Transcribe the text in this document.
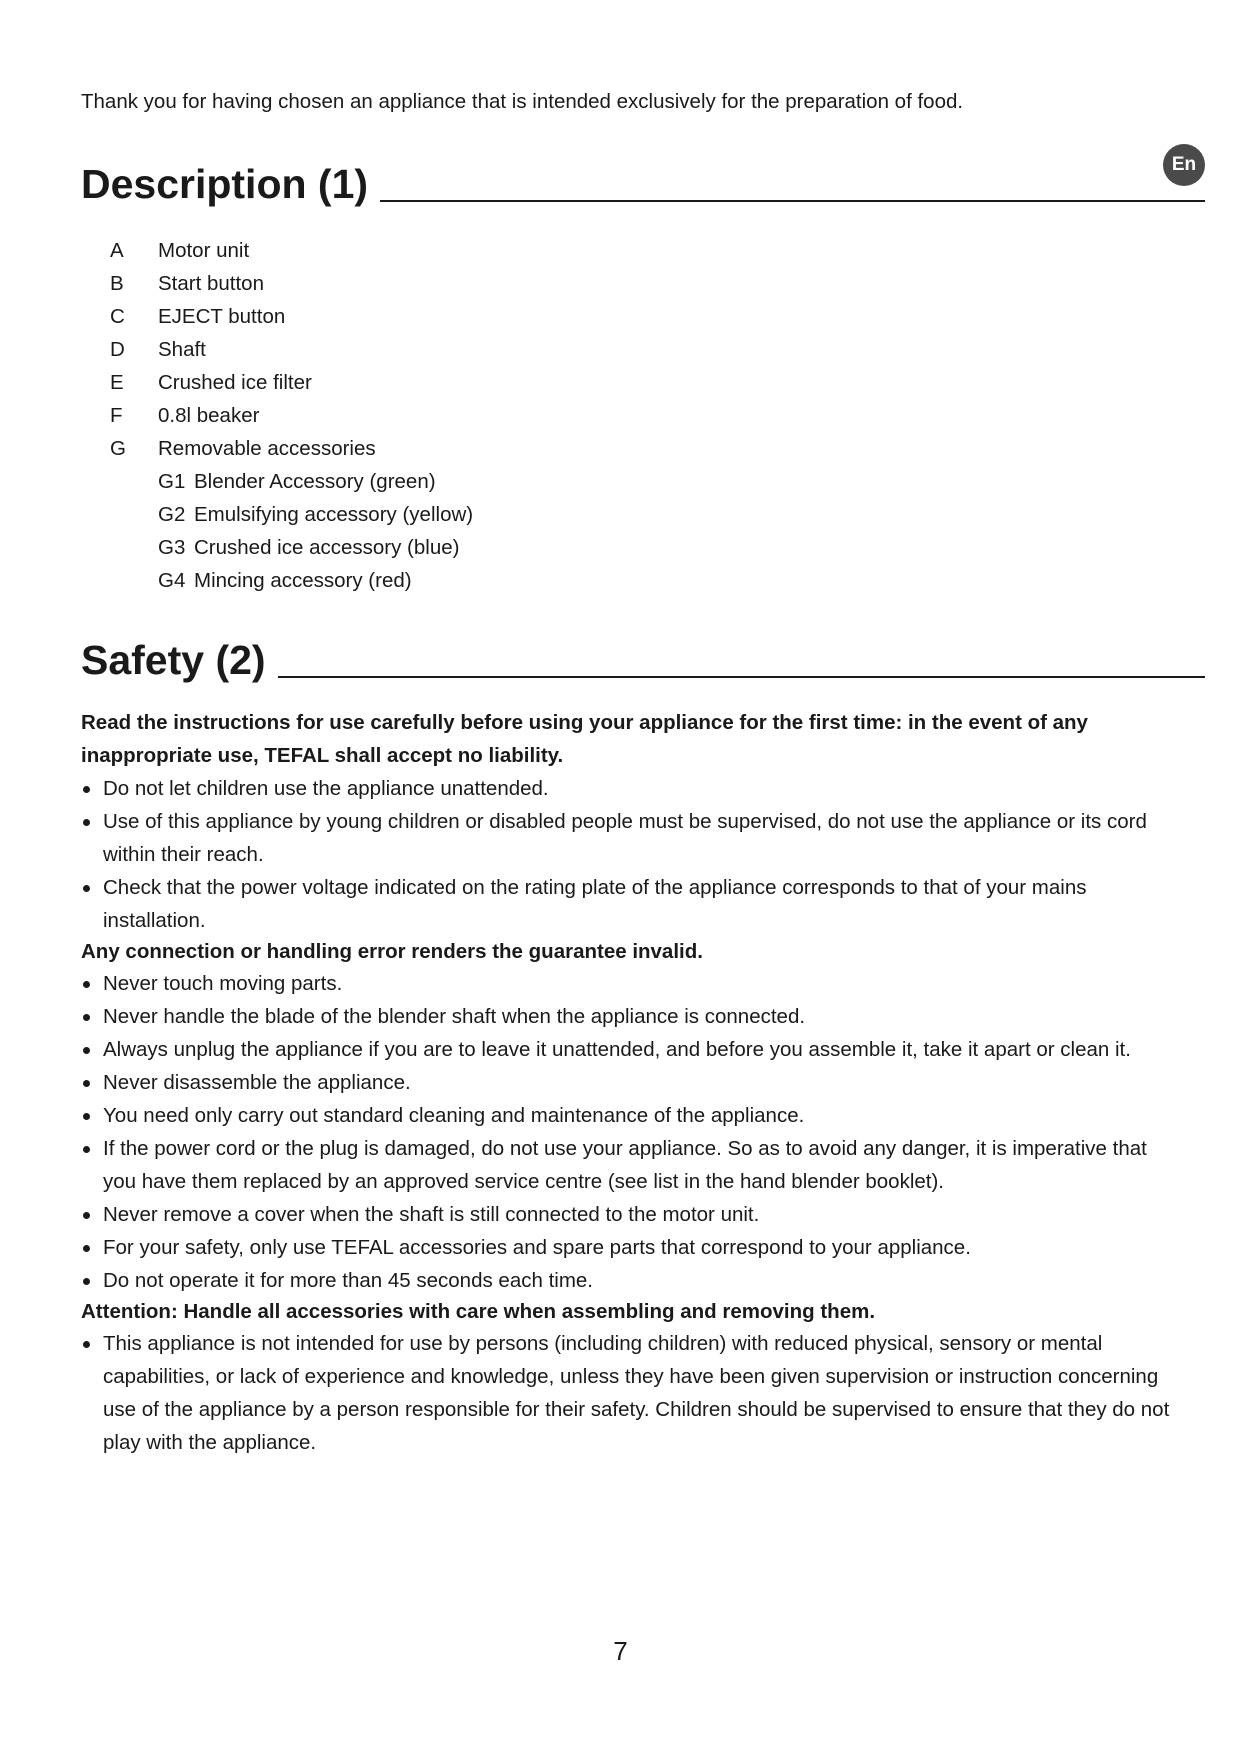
Thank you for having chosen an appliance that is intended exclusively for the preparation of food.
En
Description (1)
A	Motor unit
B	Start button
C	EJECT button
D	Shaft
E	Crushed ice filter
F	0.8l beaker
G	Removable accessories
G1 Blender Accessory (green)
G2 Emulsifying accessory (yellow)
G3 Crushed ice accessory (blue)
G4 Mincing accessory (red)
Safety (2)

Read the instructions for use carefully before using your appliance for the first time: in the event of any inappropriate use, TEFAL shall accept no liability.

Do not let children use the appliance unattended.
Use of this appliance by young children or disabled people must be supervised, do not use the appliance or its cord within their reach.
Check that the power voltage indicated on the rating plate of the appliance corresponds to that of your mains installation.

Any connection or handling error renders the guarantee invalid.

Never touch moving parts.
Never handle the blade of the blender shaft when the appliance is connected.
Always unplug the appliance if you are to leave it unattended, and before you assemble it, take it apart or clean it.
Never disassemble the appliance.
You need only carry out standard cleaning and maintenance of the appliance.
If the power cord or the plug is damaged, do not use your appliance. So as to avoid any danger, it is imperative that you have them replaced by an approved service centre (see list in the hand blender booklet).
Never remove a cover when the shaft is still connected to the motor unit.
For your safety, only use TEFAL accessories and spare parts that correspond to your appliance.
Do not operate it for more than 45 seconds each time.

Attention: Handle all accessories with care when assembling and removing them.

This appliance is not intended for use by persons (including children) with reduced physical, sensory or mental capabilities, or lack of experience and knowledge, unless they have been given supervision or instruction concerning use of the appliance by a person responsible for their safety. Children should be supervised to ensure that they do not play with the appliance.
7
